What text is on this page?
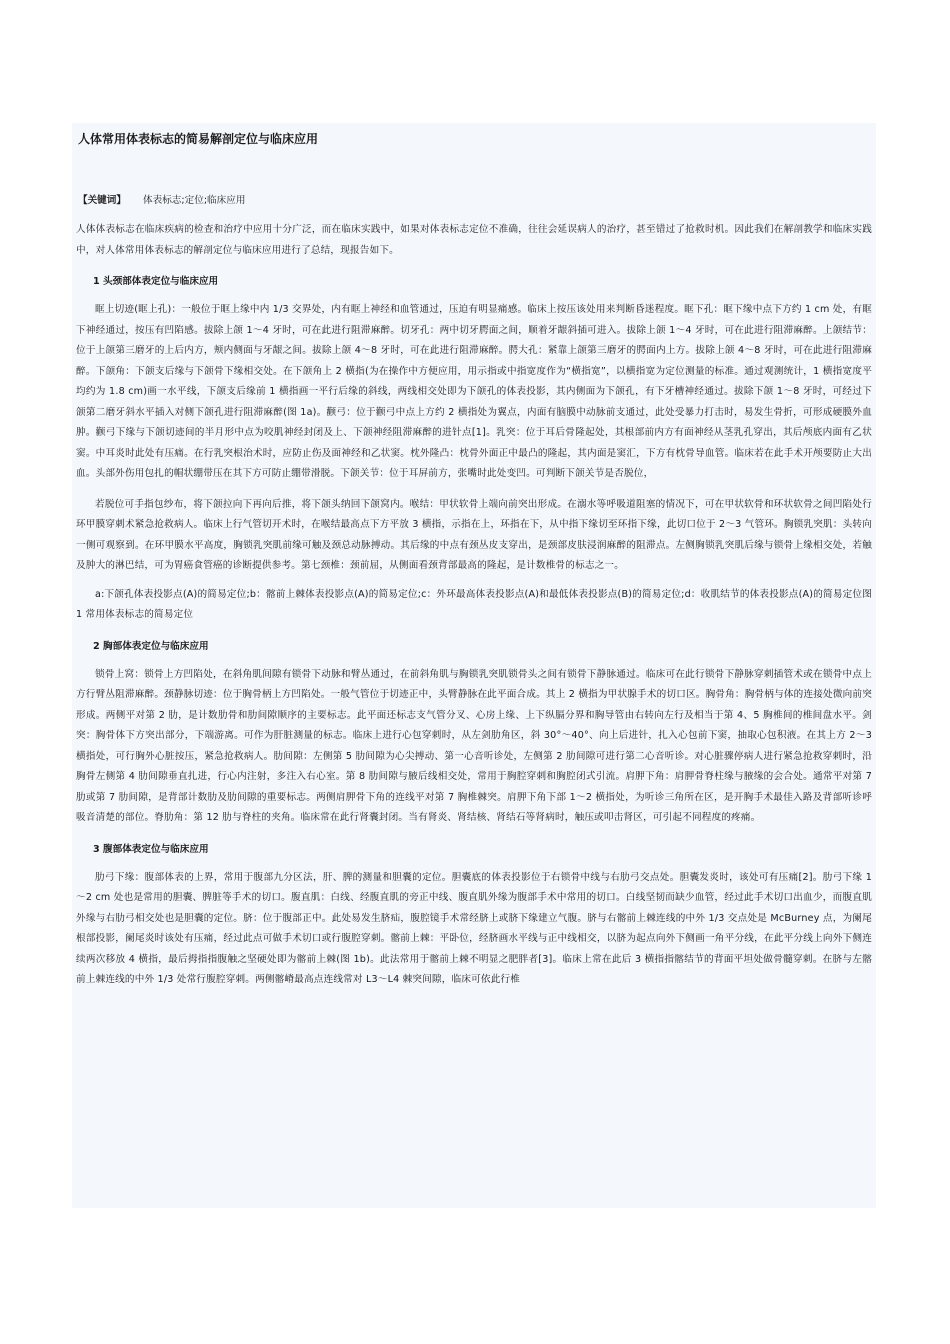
人体常用体表标志的简易解剖定位与临床应用
【关键词】 体表标志;定位;临床应用

人体体表标志在临床疾病的检查和治疗中应用十分广泛，而在临床实践中，如果对体表标志定位不准确，往往会延误病人的治疗，甚至错过了抢救时机。因此我们在解剖教学和临床实践中，对人体常用体表标志的解剖定位与临床应用进行了总结，现报告如下。

1 头颈部体表定位与临床应用

眶上切迹(眶上孔)：一般位于眶上缘中内 1/3 交界处，内有眶上神经和血管通过，压迫有明显痛感。临床上按压该处用来判断昏迷程度。眶下孔：眶下缘中点下方约 1 cm 处，有眶下神经通过，按压有凹陷感。拔除上颌 1～4 牙时，可在此进行阻滞麻醉。切牙孔：两中切牙腭面之间，顺着牙龈斜插可进入。拔除上颌 1～4 牙时，可在此进行阻滞麻醉。上颌结节：位于上颌第三磨牙的上后内方，颊内侧面与牙龈之间。拔除上颌 4～8 牙时，可在此进行阻滞麻醉。腭大孔：紧靠上颌第三磨牙的腭面内上方。拔除上颌 4～8 牙时，可在此进行阻滞麻醉。下颌角：下颌支后缘与下颌骨下缘相交处。在下颌角上 2 横指(为在操作中方便应用，用示指或中指宽度作为“横指宽”，以横指宽为定位测量的标准。通过观测统计，1 横指宽度平均约为 1.8 cm)画一水平线，下颌支后缘前 1 横指画一平行后缘的斜线，两线相交处即为下颌孔的体表投影，其内侧面为下颌孔，有下牙槽神经通过。拔除下颌 1～8 牙时，可经过下颌第二磨牙斜水平插入对侧下颌孔进行阻滞麻醉(图 1a)。颧弓：位于颧弓中点上方约 2 横指处为翼点，内面有脑膜中动脉前支通过，此处受暴力打击时，易发生骨折，可形成硬膜外血肿。颧弓下缘与下颌切迹间的半月形中点为咬肌神经封闭及上、下颌神经阻滞麻醉的进针点[1]。乳突：位于耳后骨隆起处，其根部前内方有面神经从茎乳孔穿出，其后颅底内面有乙状窦。中耳炎时此处有压痛。在行乳突根治术时，应防止伤及面神经和乙状窦。枕外隆凸：枕骨外面正中最凸的隆起，其内面是窦汇，下方有枕骨导血管。临床若在此手术开颅要防止大出血。头部外伤用包扎的帽状绷带压在其下方可防止绷带滑脱。下颌关节：位于耳屏前方，张嘴时此处变凹。可判断下颌关节是否脱位，

若脱位可手指包纱布，将下颌拉向下再向后推，将下颌头纳回下颌窝内。喉结：甲状软骨上端向前突出形成。在溺水等呼吸道阻塞的情况下，可在甲状软骨和环状软骨之间凹陷处行环甲膜穿刺术紧急抢救病人。临床上行气管切开术时，在喉结最高点下方平放 3 横指，示指在上，环指在下，从中指下缘切至环指下缘，此切口位于 2～3 气管环。胸锁乳突肌：头转向一侧可观察到。在环甲膜水平高度，胸锁乳突肌前缘可触及颈总动脉搏动。其后缘的中点有颈丛皮支穿出，是颈部皮肤浸润麻醉的阻滞点。左侧胸锁乳突肌后缘与锁骨上缘相交处，若触及肿大的淋巴结，可为胃癌食管癌的诊断提供参考。第七颈椎：颈前屈，从侧面看颈背部最高的隆起，是计数椎骨的标志之一。

a:下颌孔体表投影点(A)的简易定位;b：髂前上棘体表投影点(A)的简易定位;c：外环最高体表投影点(A)和最低体表投影点(B)的简易定位;d：收肌结节的体表投影点(A)的简易定位图 1 常用体表标志的简易定位

2 胸部体表定位与临床应用

锁骨上窝：锁骨上方凹陷处，在斜角肌间隙有锁骨下动脉和臂丛通过，在前斜角肌与胸锁乳突肌锁骨头之间有锁骨下静脉通过。临床可在此行锁骨下静脉穿刺插管术或在锁骨中点上方行臂丛阻滞麻醉。颈静脉切迹：位于胸骨柄上方凹陷处。一般气管位于切迹正中，头臂静脉在此平面合成。其上 2 横指为甲状腺手术的切口区。胸骨角：胸骨柄与体的连接处微向前突形成。两侧平对第 2 肋，是计数肋骨和肋间隙顺序的主要标志。此平面还标志支气管分叉、心房上缘、上下纵膈分界和胸导管由右转向左行及相当于第 4、5 胸椎间的椎间盘水平。剑突：胸骨体下方突出部分，下端游离。可作为肝脏测量的标志。临床上进行心包穿刺时，从左剑肋角区，斜 30°～40°、向上后进针，扎入心包前下窦，抽取心包积液。在其上方 2～3 横指处，可行胸外心脏按压，紧急抢救病人。肋间隙：左侧第 5 肋间隙为心尖搏动、第一心音听诊处，左侧第 2 肋间隙可进行第二心音听诊。对心脏骤停病人进行紧急抢救穿刺时，沿胸骨左侧第 4 肋间隙垂直扎进，行心内注射，多注入右心室。第 8 肋间隙与腋后线相交处，常用于胸腔穿刺和胸腔闭式引流。肩胛下角：肩胛骨脊柱缘与腋缘的会合处。通常平对第 7 肋或第 7 肋间隙，是背部计数肋及肋间隙的重要标志。两侧肩胛骨下角的连线平对第 7 胸椎棘突。肩胛下角下部 1～2 横指处，为听诊三角所在区，是开胸手术最佳入路及背部听诊呼吸音清楚的部位。脊肋角：第 12 肋与脊柱的夹角。临床常在此行肾囊封闭。当有肾炎、肾结核、肾结石等肾病时，触压或叩击肾区，可引起不同程度的疼痛。

3 腹部体表定位与临床应用

肋弓下缘：腹部体表的上界，常用于腹部九分区法，肝、脾的测量和胆囊的定位。胆囊底的体表投影位于右锁骨中线与右肋弓交点处。胆囊发炎时，该处可有压痛[2]。肋弓下缘 1～2 cm 处也是常用的胆囊、脾脏等手术的切口。腹直肌：白线、经腹直肌的旁正中线、腹直肌外缘为腹部手术中常用的切口。白线坚韧而缺少血管，经过此手术切口出血少，而腹直肌外缘与右肋弓相交处也是胆囊的定位。脐：位于腹部正中。此处易发生脐疝，腹腔镜手术常经脐上或脐下缘建立气腹。脐与右髂前上棘连线的中外 1/3 交点处是 McBurney 点，为阑尾根部投影，阑尾炎时该处有压痛，经过此点可做手术切口或行腹腔穿刺。髂前上棘：平卧位，经脐画水平线与正中线相交，以脐为起点向外下侧画一角平分线，在此平分线上向外下侧连续两次移放 4 横指，最后拇指指腹触之坚硬处即为髂前上棘(图 1b)。此法常用于髂前上棘不明显之肥胖者[3]。临床上常在此后 3 横指指髂结节的背面平坦处做骨髓穿刺。在脐与左髂前上棘连线的中外 1/3 处常行腹腔穿刺。两侧髂嵴最高点连线常对 L3～L4 棘突间隙，临床可依此行椎
